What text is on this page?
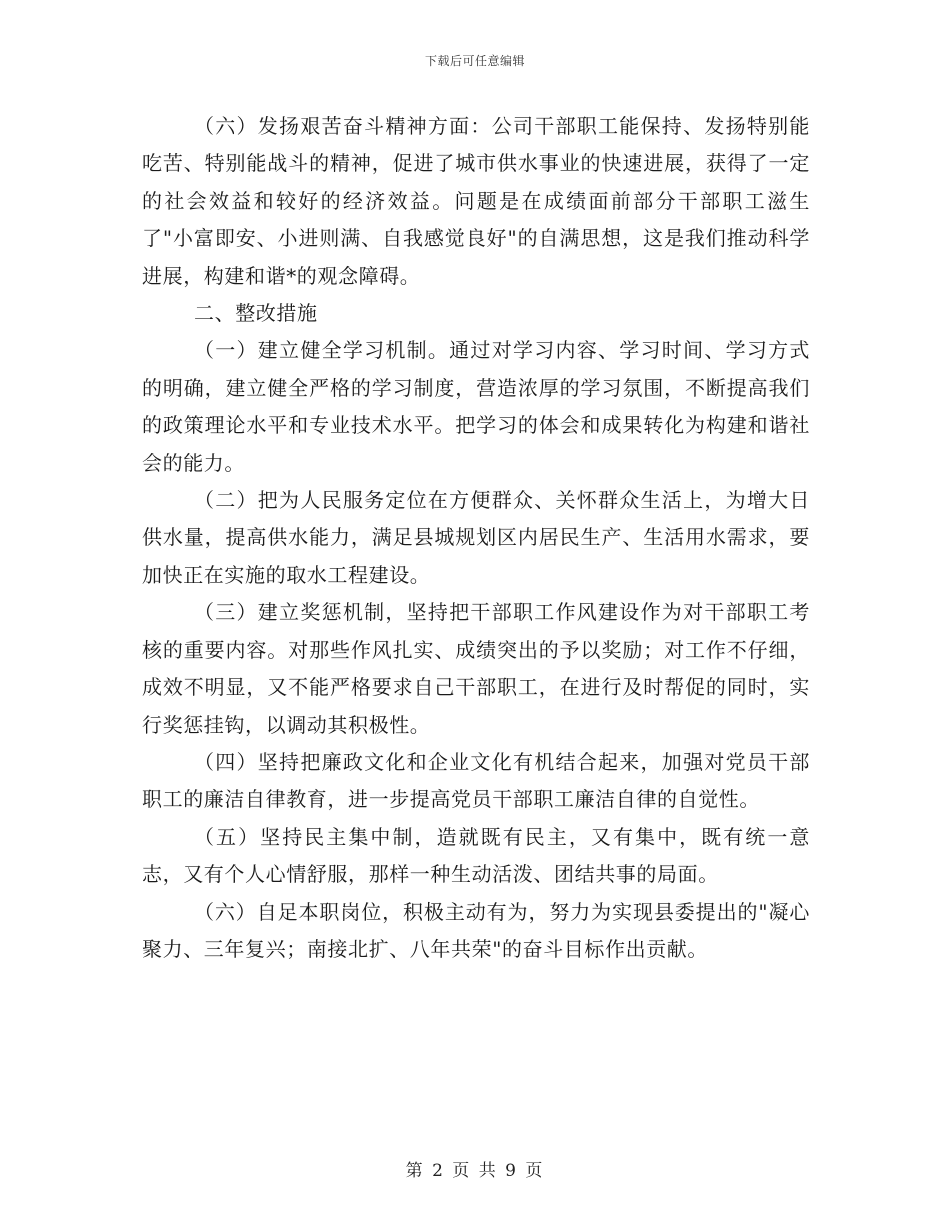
下载后可任意编辑

（六）发扬艰苦奋斗精神方面：公司干部职工能保持、发扬特别能吃苦、特别能战斗的精神，促进了城市供水事业的快速进展，获得了一定的社会效益和较好的经济效益。问题是在成绩面前部分干部职工滋生了"小富即安、小进则满、自我感觉良好"的自满思想，这是我们推动科学进展，构建和谐*的观念障碍。

二、整改措施

（一）建立健全学习机制。通过对学习内容、学习时间、学习方式的明确，建立健全严格的学习制度，营造浓厚的学习氛围，不断提高我们的政策理论水平和专业技术水平。把学习的体会和成果转化为构建和谐社会的能力。

（二）把为人民服务定位在方便群众、关怀群众生活上，为增大日供水量，提高供水能力，满足县城规划区内居民生产、生活用水需求，要加快正在实施的取水工程建设。

（三）建立奖惩机制，坚持把干部职工作风建设作为对干部职工考核的重要内容。对那些作风扎实、成绩突出的予以奖励；对工作不仔细，成效不明显，又不能严格要求自己干部职工，在进行及时帮促的同时，实行奖惩挂钩，以调动其积极性。

（四）坚持把廉政文化和企业文化有机结合起来，加强对党员干部职工的廉洁自律教育，进一步提高党员干部职工廉洁自律的自觉性。

（五）坚持民主集中制，造就既有民主，又有集中，既有统一意志，又有个人心情舒服，那样一种生动活泼、团结共事的局面。

（六）自足本职岗位，积极主动有为，努力为实现县委提出的"凝心聚力、三年复兴；南接北扩、八年共荣"的奋斗目标作出贡献。

第 2 页 共 9 页
